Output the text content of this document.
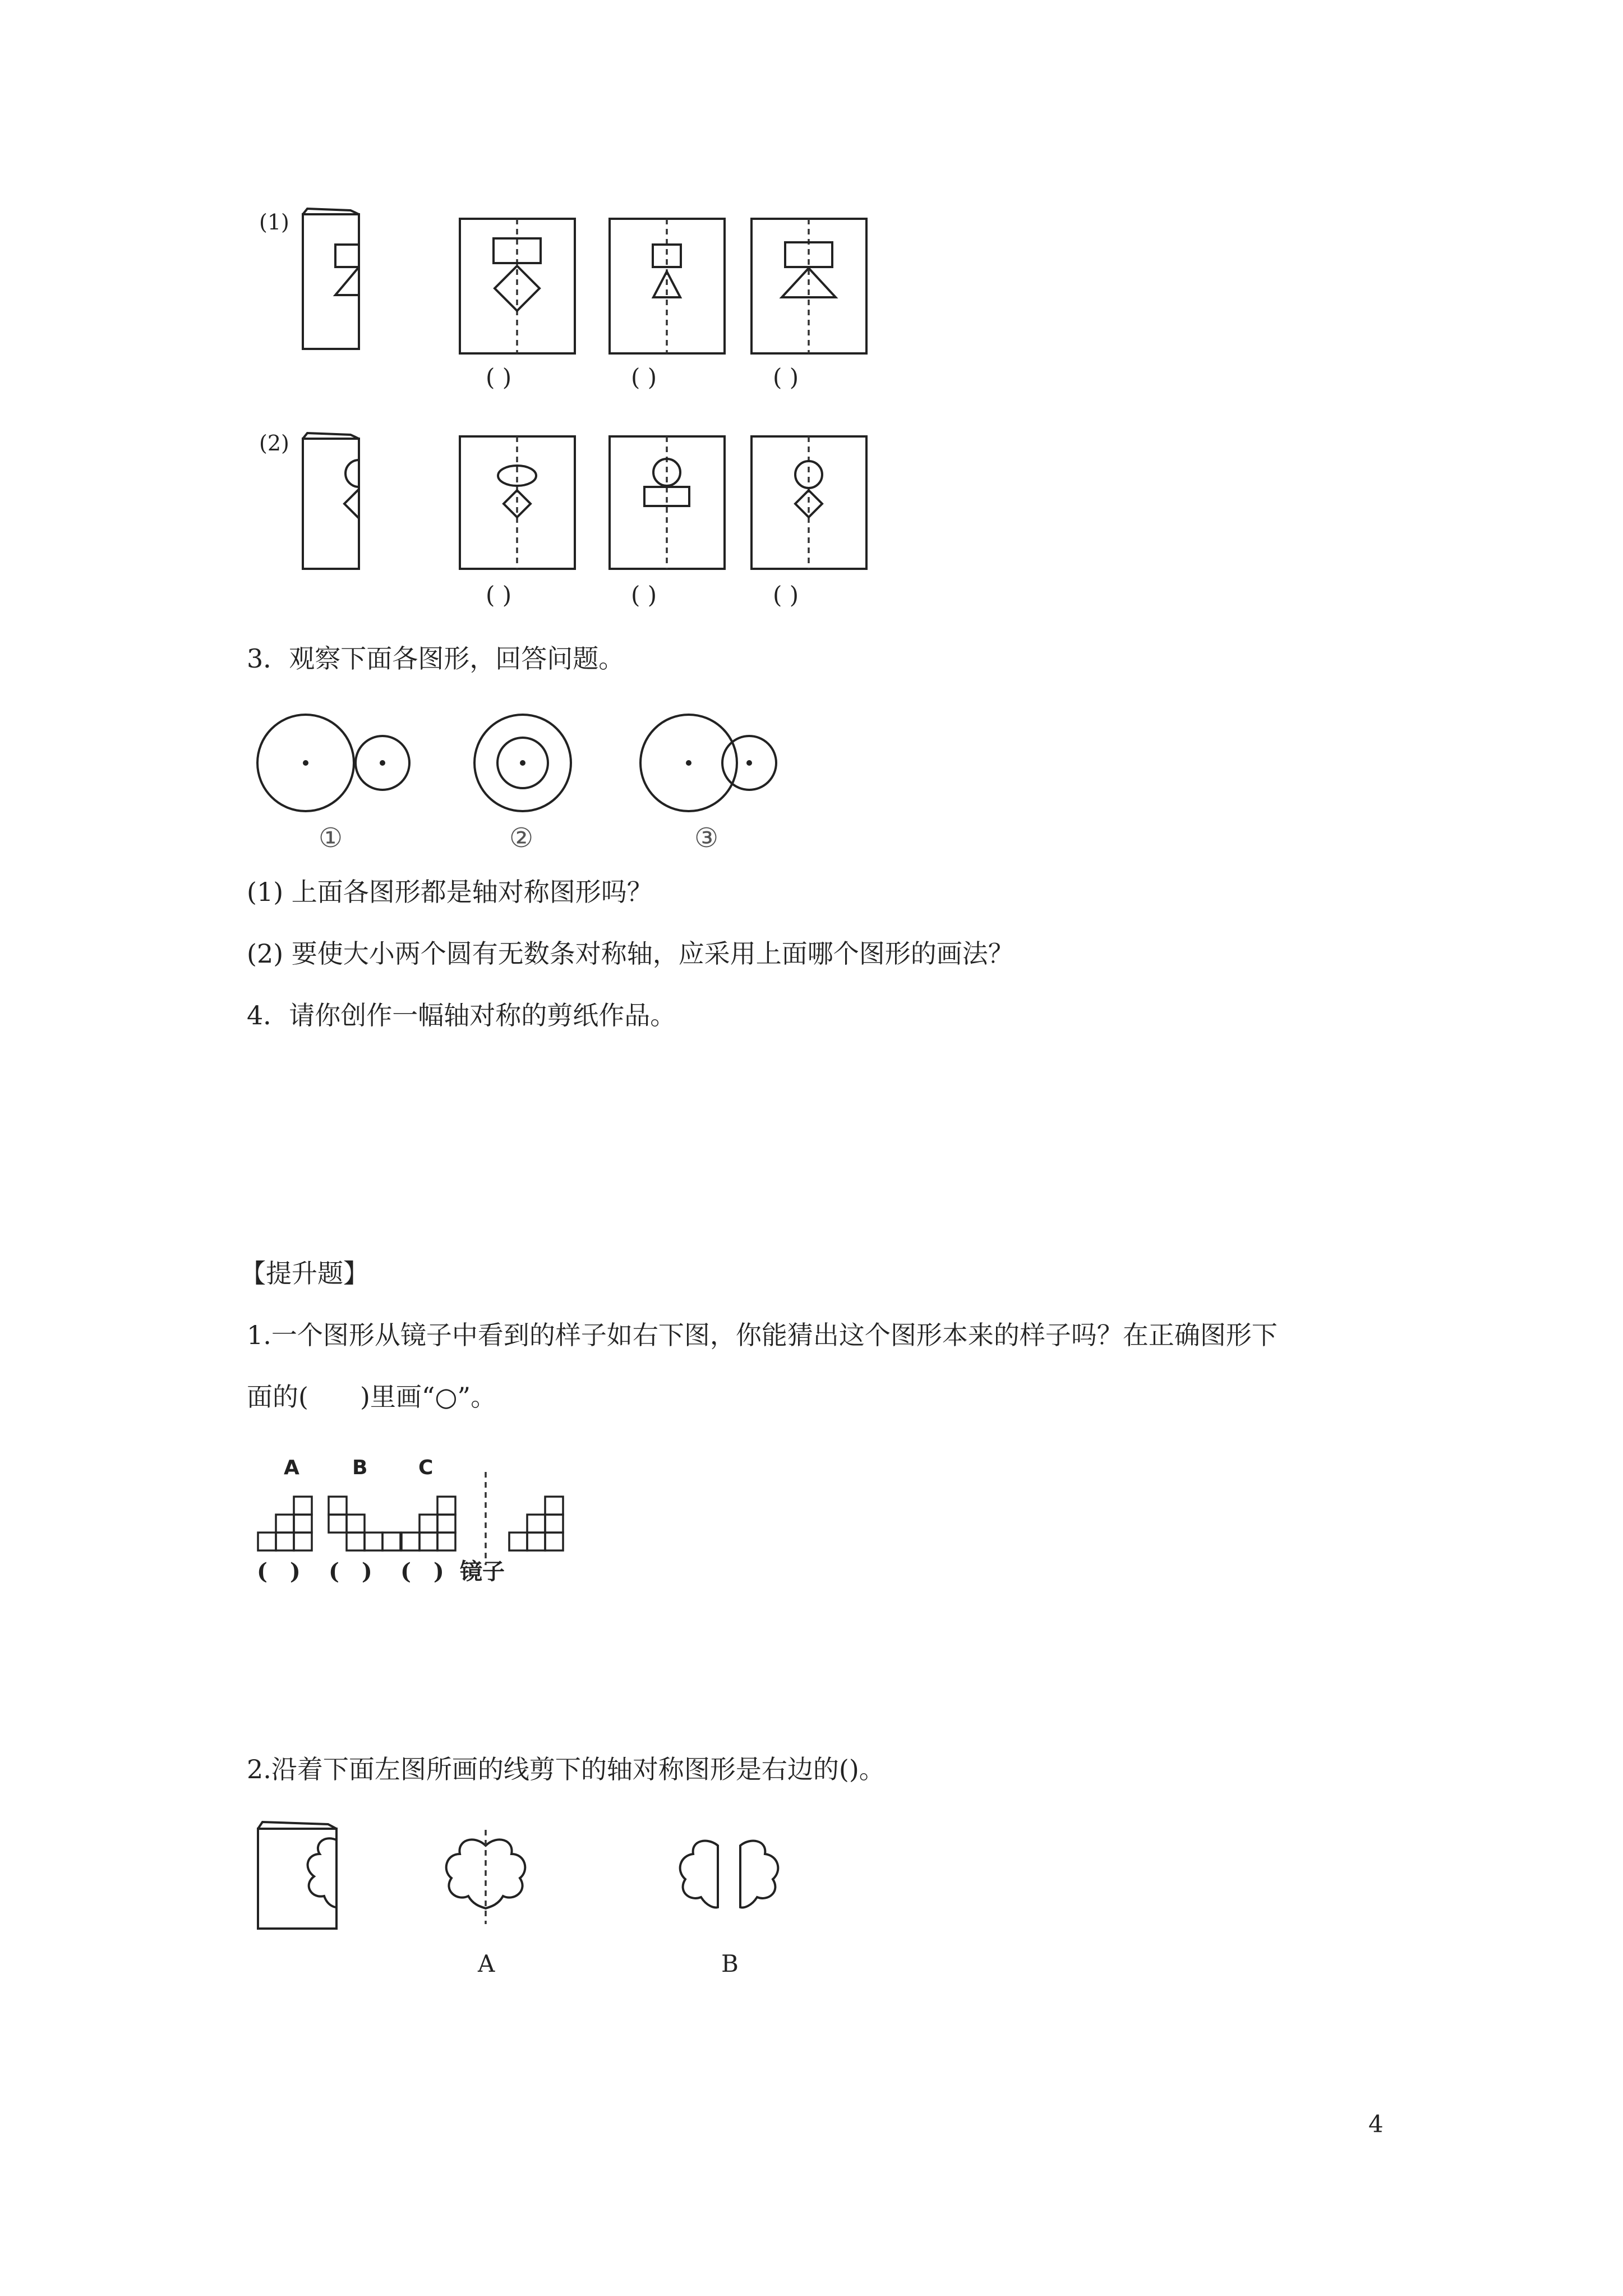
(1)
(2)
( )	( )	( )
( )	( )	( )
3．观察下面各图形，回答问题。
①	②	③
(1) 上面各图形都是轴对称图形吗？
(2) 要使大小两个圆有无数条对称轴，应采用上面哪个图形的画法？
4．请你创作一幅轴对称的剪纸作品。
【提升题】
1.一个图形从镜子中看到的样子如右下图，你能猜出这个图形本来的样子吗？在正确图形下
面的(　　)里画“○”。
A	B	C
(　) (　) (　) 镜子
2.沿着下面左图所画的线剪下的轴对称图形是右边的()。
A	B
4
